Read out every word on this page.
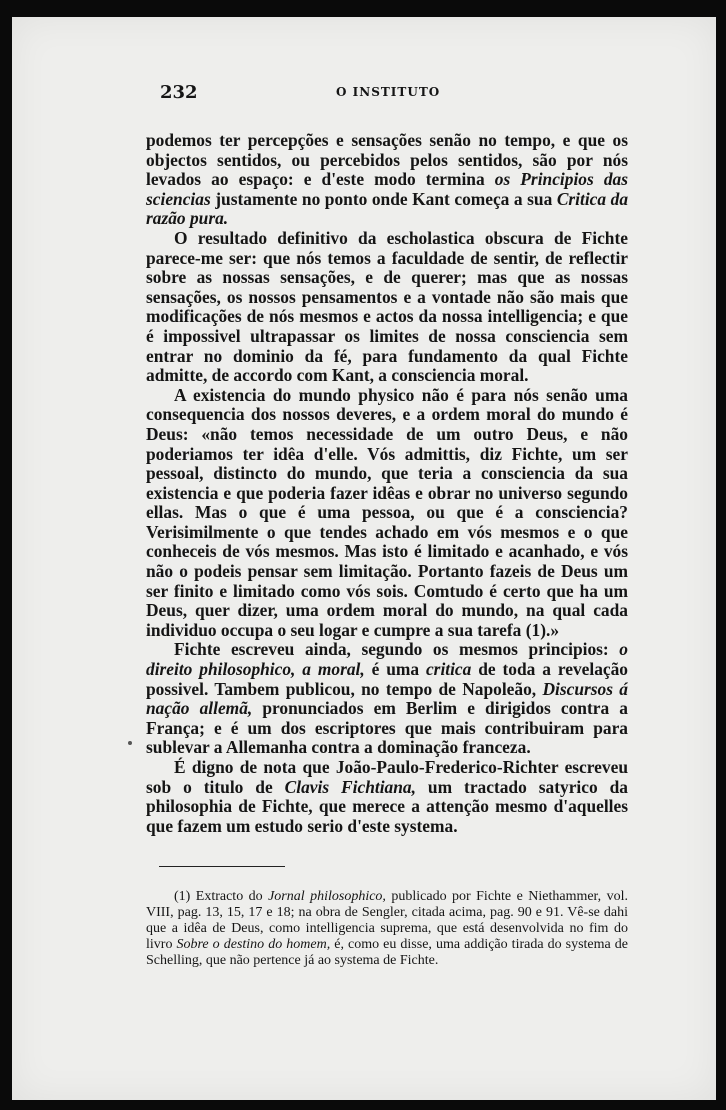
232	O INSTITUTO

podemos ter percepções e sensações senão no tempo, e que os objectos sentidos, ou percebidos pelos sentidos, são por nós levados ao espaço: e d'este modo termina os Principios das sciencias justamente no ponto onde Kant começa a sua Critica da razão pura.

O resultado definitivo da escholastica obscura de Fichte parece-me ser: que nós temos a faculdade de sentir, de reflectir sobre as nossas sensações, e de querer; mas que as nossas sensações, os nossos pensamentos e a vontade não são mais que modificações de nós mesmos e actos da nossa intelligencia; e que é impossivel ultrapassar os limites de nossa consciencia sem entrar no dominio da fé, para fundamento da qual Fichte admitte, de accordo com Kant, a consciencia moral.

A existencia do mundo physico não é para nós senão uma consequencia dos nossos deveres, e a ordem moral do mundo é Deus: «não temos necessidade de um outro Deus, e não poderiamos ter idêa d'elle. Vós admittis, diz Fichte, um ser pessoal, distincto do mundo, que teria a consciencia da sua existencia e que poderia fazer idêas e obrar no universo segundo ellas. Mas o que é uma pessoa, ou que é a consciencia? Verisimilmente o que tendes achado em vós mesmos e o que conheceis de vós mesmos. Mas isto é limitado e acanhado, e vós não o podeis pensar sem limitação. Portanto fazeis de Deus um ser finito e limitado como vós sois. Comtudo é certo que ha um Deus, quer dizer, uma ordem moral do mundo, na qual cada individuo occupa o seu logar e cumpre a sua tarefa (1).»

Fichte escreveu ainda, segundo os mesmos principios: o direito philosophico, a moral, é uma critica de toda a revelação possivel. Tambem publicou, no tempo de Napoleão, Discursos á nação allemã, pronunciados em Berlim e dirigidos contra a França; e é um dos escriptores que mais contribuiram para sublevar a Allemanha contra a dominação franceza.

É digno de nota que João-Paulo-Frederico-Richter escreveu sob o titulo de Clavis Fichtiana, um tractado satyrico da philosophia de Fichte, que merece a attenção mesmo d'aquelles que fazem um estudo serio d'este systema.

(1) Extracto do Jornal philosophico, publicado por Fichte e Niethammer, vol. VIII, pag. 13, 15, 17 e 18; na obra de Sengler, citada acima, pag. 90 e 91. Vê-se dahi que a idêa de Deus, como intelligencia suprema, que está desenvolvida no fim do livro Sobre o destino do homem, é, como eu disse, uma addição tirada do systema de Schelling, que não pertence já ao systema de Fichte.
